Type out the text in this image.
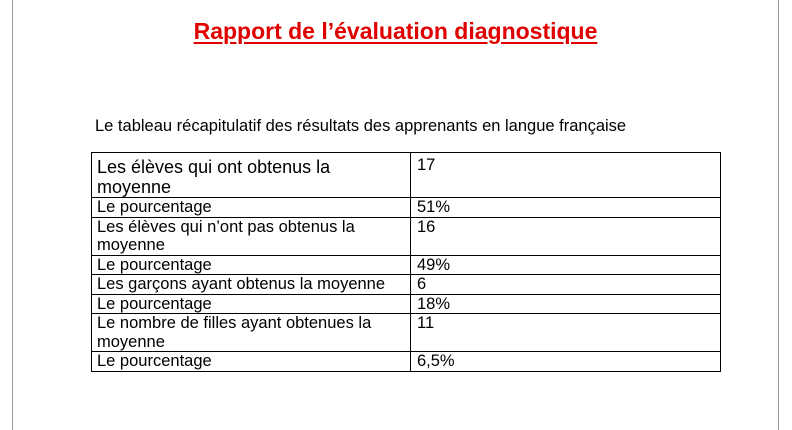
Rapport de l’évaluation diagnostique

Le tableau récapitulatif des résultats des apprenants en langue française

Les élèves qui ont obtenus la moyenne	17
Le pourcentage	51%
Les élèves qui n’ont pas obtenus la moyenne	16
Le pourcentage	49%
Les garçons ayant obtenus la moyenne	6
Le pourcentage	18%
Le nombre de filles ayant obtenues la moyenne	11
Le pourcentage	6,5%
